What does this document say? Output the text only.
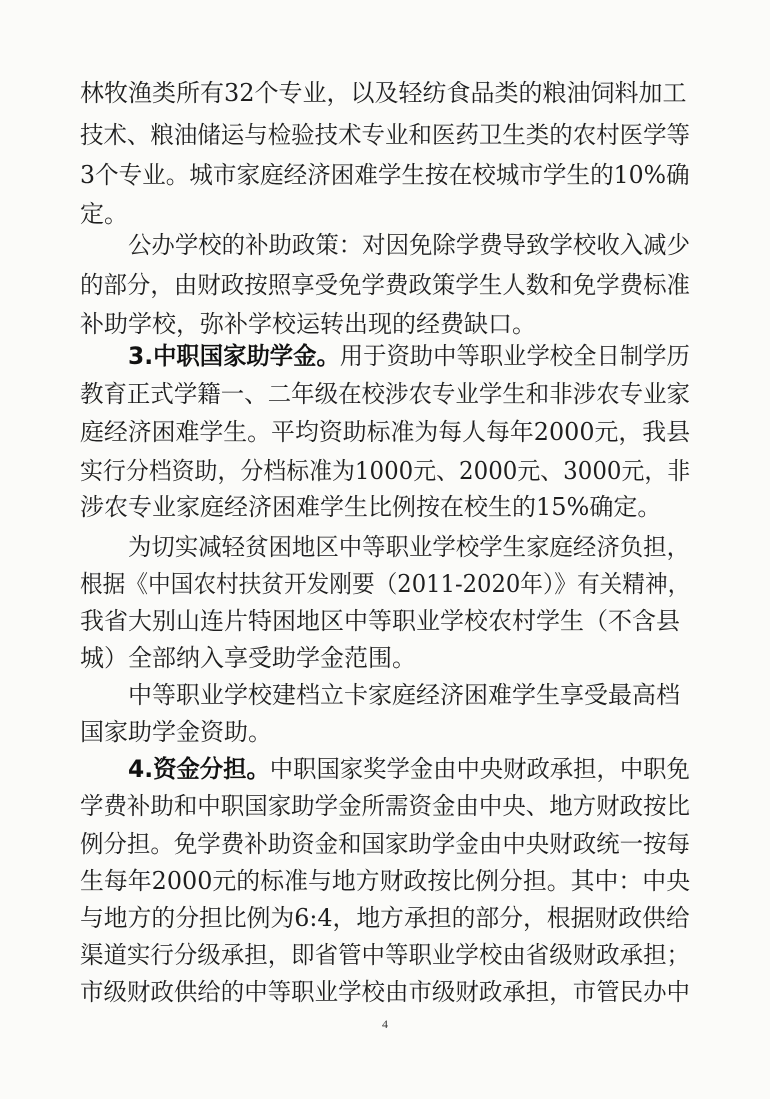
林牧渔类所有32个专业，以及轻纺食品类的粮油饲料加工
技术、粮油储运与检验技术专业和医药卫生类的农村医学等
3个专业。城市家庭经济困难学生按在校城市学生的10%确
定。
公办学校的补助政策：对因免除学费导致学校收入减少
的部分，由财政按照享受免学费政策学生人数和免学费标准
补助学校，弥补学校运转出现的经费缺口。
3.中职国家助学金。用于资助中等职业学校全日制学历
教育正式学籍一、二年级在校涉农专业学生和非涉农专业家
庭经济困难学生。平均资助标准为每人每年2000元，我县
实行分档资助，分档标准为1000元、2000元、3000元，非
涉农专业家庭经济困难学生比例按在校生的15%确定。
为切实减轻贫困地区中等职业学校学生家庭经济负担，
根据《中国农村扶贫开发刚要（2011-2020年）》有关精神，
我省大别山连片特困地区中等职业学校农村学生（不含县
城）全部纳入享受助学金范围。
中等职业学校建档立卡家庭经济困难学生享受最高档
国家助学金资助。
4.资金分担。中职国家奖学金由中央财政承担，中职免
学费补助和中职国家助学金所需资金由中央、地方财政按比
例分担。免学费补助资金和国家助学金由中央财政统一按每
生每年2000元的标准与地方财政按比例分担。其中：中央
与地方的分担比例为6:4，地方承担的部分，根据财政供给
渠道实行分级承担，即省管中等职业学校由省级财政承担；
市级财政供给的中等职业学校由市级财政承担，市管民办中
4
